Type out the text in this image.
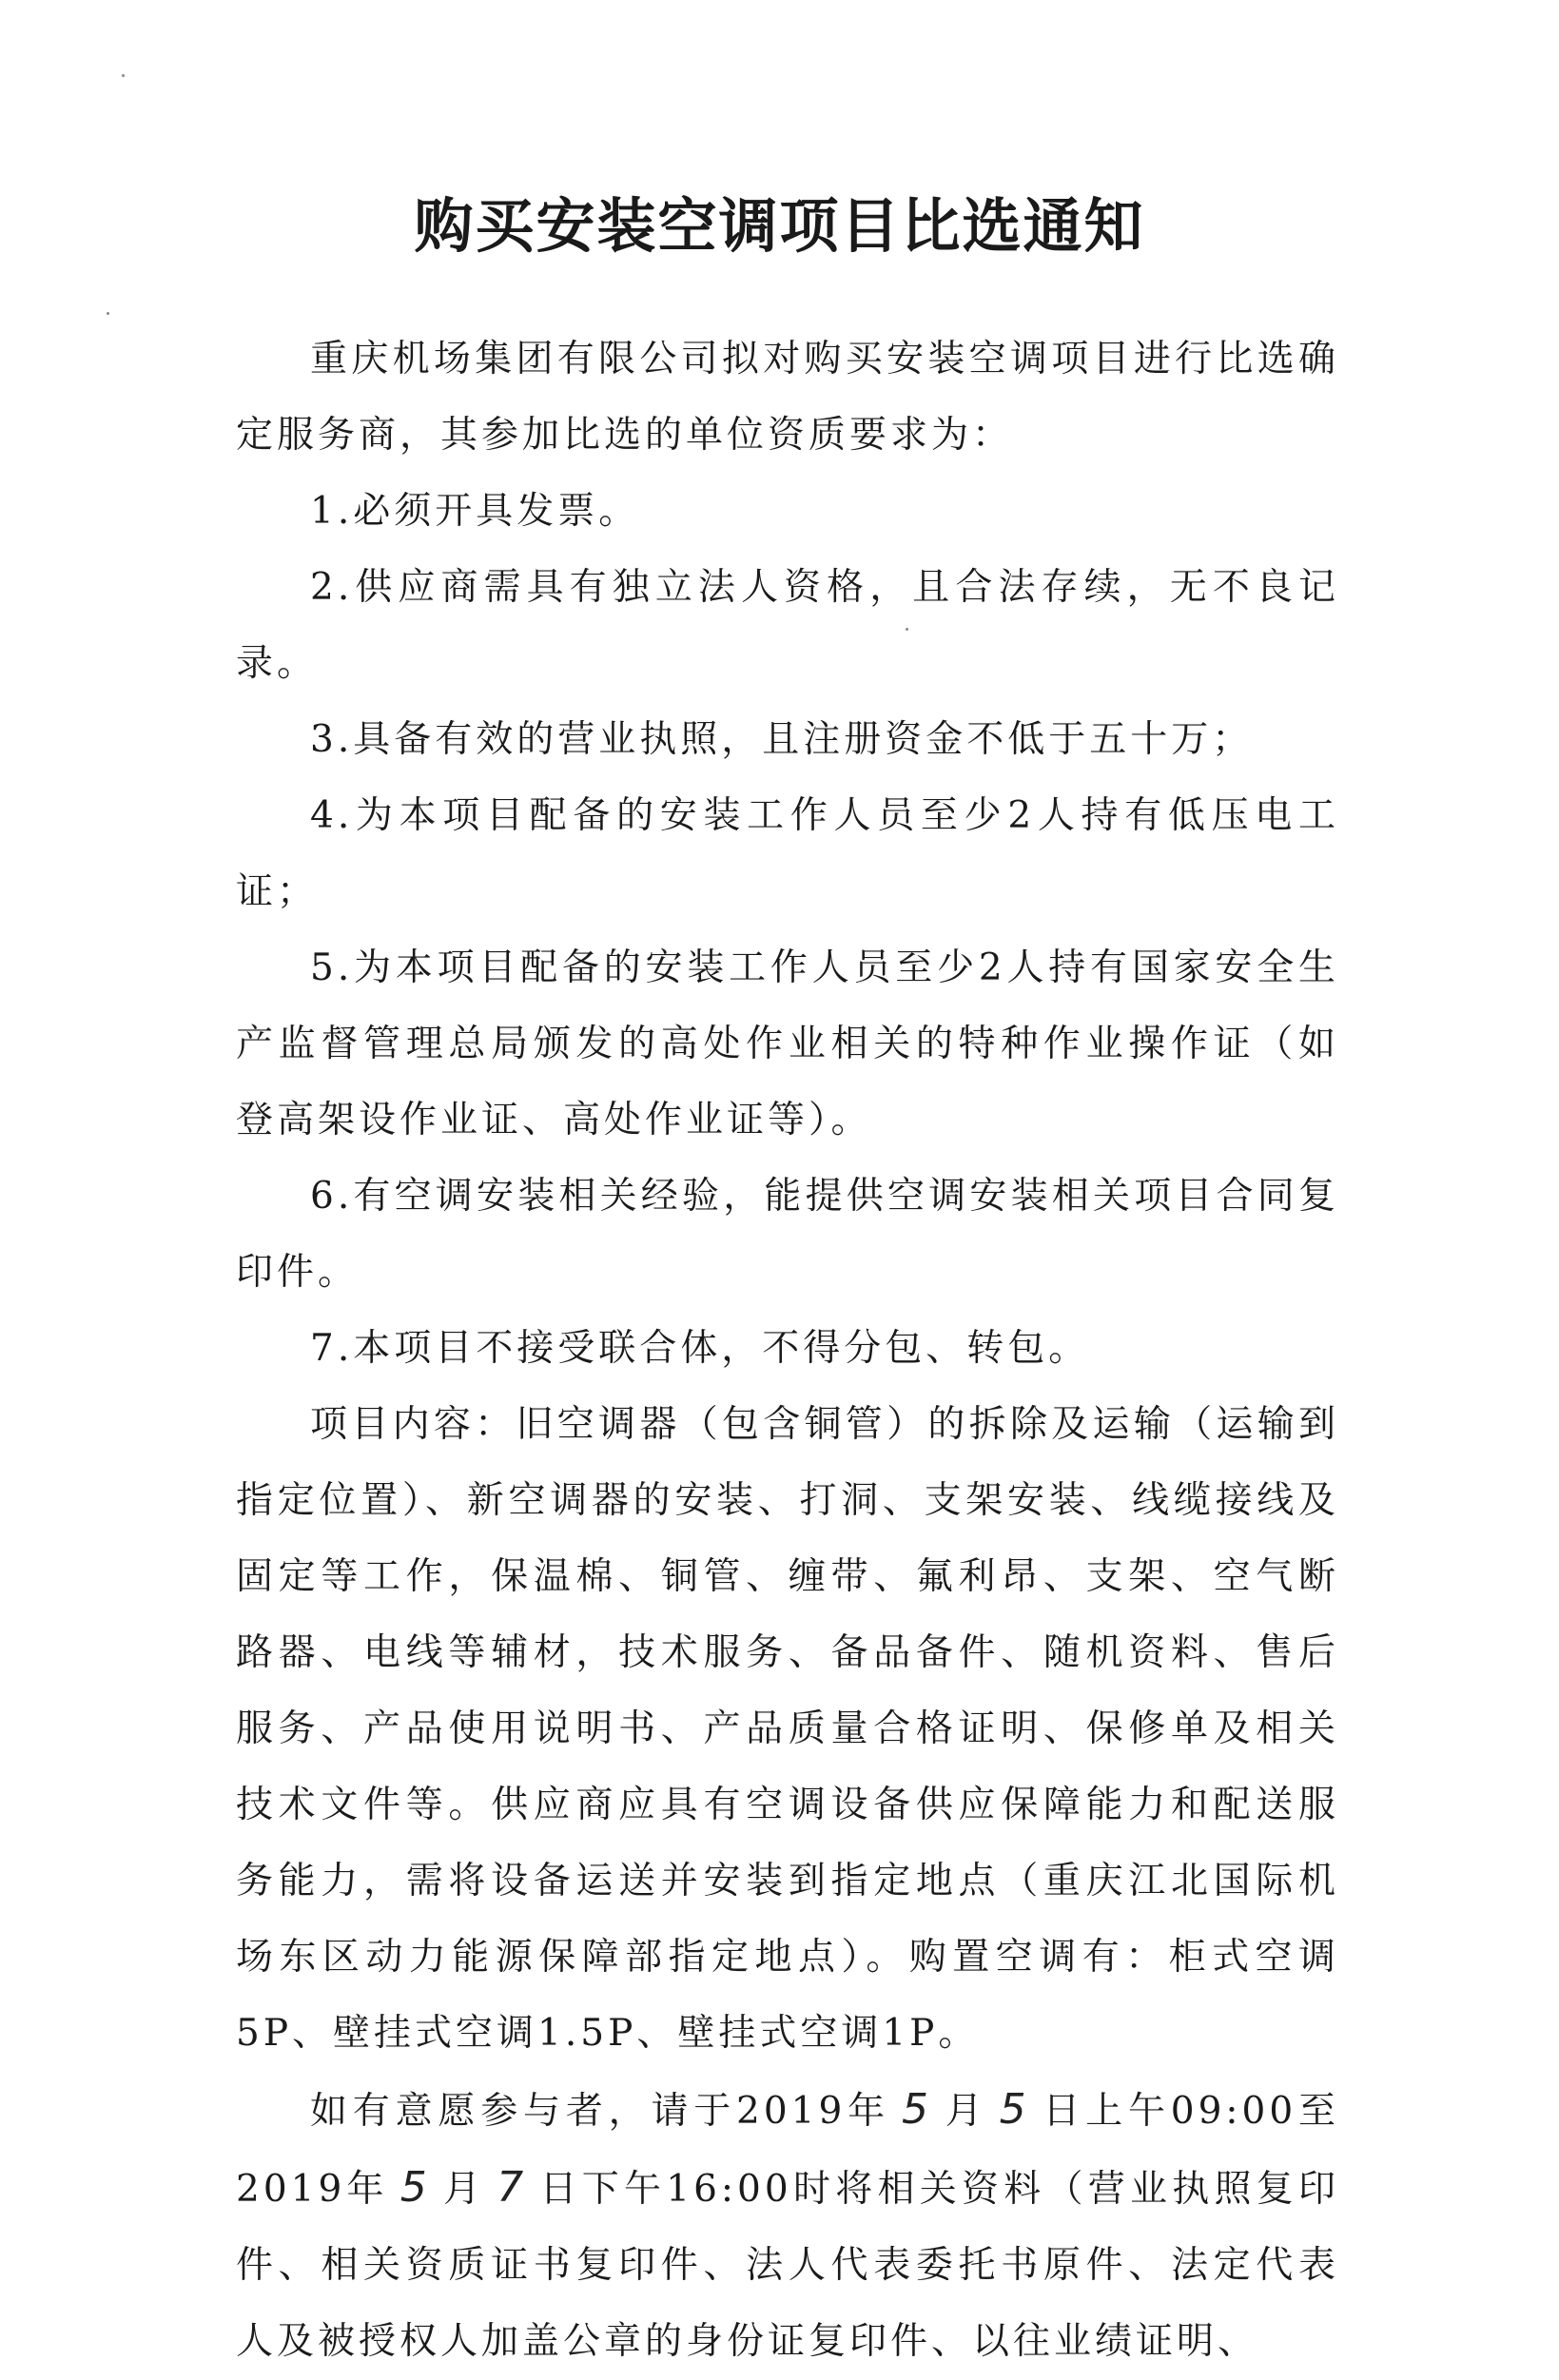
购买安装空调项目比选通知

重庆机场集团有限公司拟对购买安装空调项目进行比选确定服务商，其参加比选的单位资质要求为：

1.必须开具发票。

2.供应商需具有独立法人资格，且合法存续，无不良记录。

3.具备有效的营业执照，且注册资金不低于五十万；

4.为本项目配备的安装工作人员至少2人持有低压电工证；

5.为本项目配备的安装工作人员至少2人持有国家安全生产监督管理总局颁发的高处作业相关的特种作业操作证（如登高架设作业证、高处作业证等）。

6.有空调安装相关经验，能提供空调安装相关项目合同复印件。

7.本项目不接受联合体，不得分包、转包。

项目内容：旧空调器（包含铜管）的拆除及运输（运输到指定位置）、新空调器的安装、打洞、支架安装、线缆接线及固定等工作，保温棉、铜管、缠带、氟利昂、支架、空气断路器、电线等辅材，技术服务、备品备件、随机资料、售后服务、产品使用说明书、产品质量合格证明、保修单及相关技术文件等。供应商应具有空调设备供应保障能力和配送服务能力，需将设备运送并安装到指定地点（重庆江北国际机场东区动力能源保障部指定地点）。购置空调有：柜式空调5P、壁挂式空调1.5P、壁挂式空调1P。

如有意愿参与者，请于2019年 5 月 5 日上午09:00至2019年 5 月 7 日下午16:00时将相关资料（营业执照复印件、相关资质证书复印件、法人代表委托书原件、法定代表人及被授权人加盖公章的身份证复印件、以往业绩证明、
